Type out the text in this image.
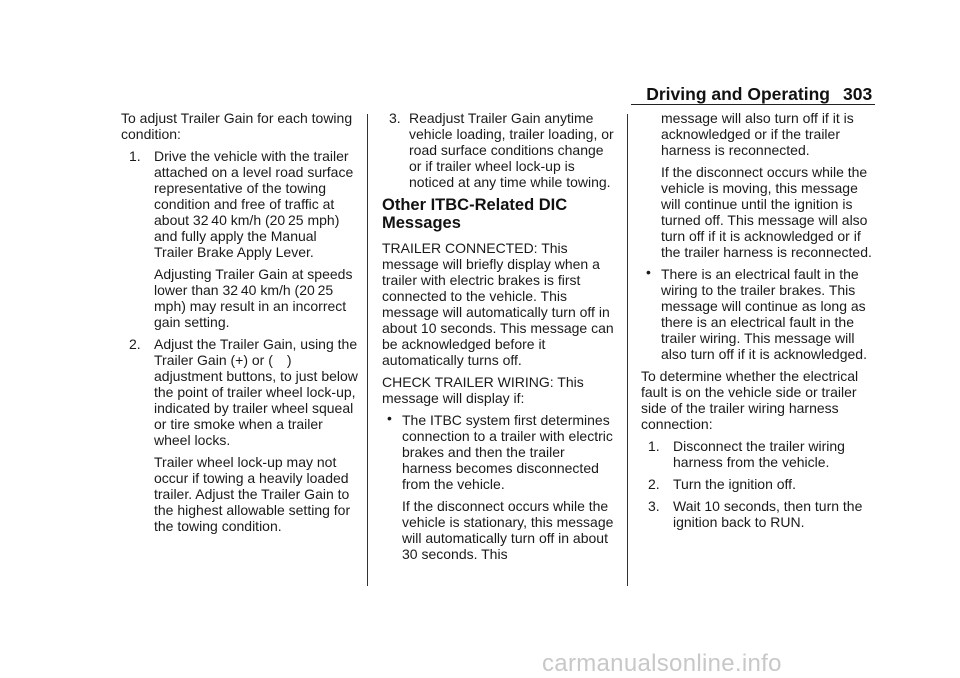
Driving and Operating 303

To adjust Trailer Gain for each towing condition:

1. Drive the vehicle with the trailer attached on a level road surface representative of the towing condition and free of traffic at about 32 40 km/h (20 25 mph) and fully apply the Manual Trailer Brake Apply Lever.
Adjusting Trailer Gain at speeds lower than 32 40 km/h (20 25 mph) may result in an incorrect gain setting.
2. Adjust the Trailer Gain, using the Trailer Gain (+) or ( ) adjustment buttons, to just below the point of trailer wheel lock-up, indicated by trailer wheel squeal or tire smoke when a trailer wheel locks.
Trailer wheel lock-up may not occur if towing a heavily loaded trailer. Adjust the Trailer Gain to the highest allowable setting for the towing condition.
3. Readjust Trailer Gain anytime vehicle loading, trailer loading, or road surface conditions change or if trailer wheel lock-up is noticed at any time while towing.
Other ITBC-Related DIC Messages

TRAILER CONNECTED: This message will briefly display when a trailer with electric brakes is first connected to the vehicle. This message will automatically turn off in about 10 seconds. This message can be acknowledged before it automatically turns off.

CHECK TRAILER WIRING: This message will display if:

• The ITBC system first determines connection to a trailer with electric brakes and then the trailer harness becomes disconnected from the vehicle.
If the disconnect occurs while the vehicle is stationary, this message will automatically turn off in about 30 seconds. This
message will also turn off if it is acknowledged or if the trailer harness is reconnected.
If the disconnect occurs while the vehicle is moving, this message will continue until the ignition is turned off. This message will also turn off if it is acknowledged or if the trailer harness is reconnected.
• There is an electrical fault in the wiring to the trailer brakes. This message will continue as long as there is an electrical fault in the trailer wiring. This message will also turn off if it is acknowledged.

To determine whether the electrical fault is on the vehicle side or trailer side of the trailer wiring harness connection:

1. Disconnect the trailer wiring harness from the vehicle.
2. Turn the ignition off.
3. Wait 10 seconds, then turn the ignition back to RUN.
carmanualsonline.info
